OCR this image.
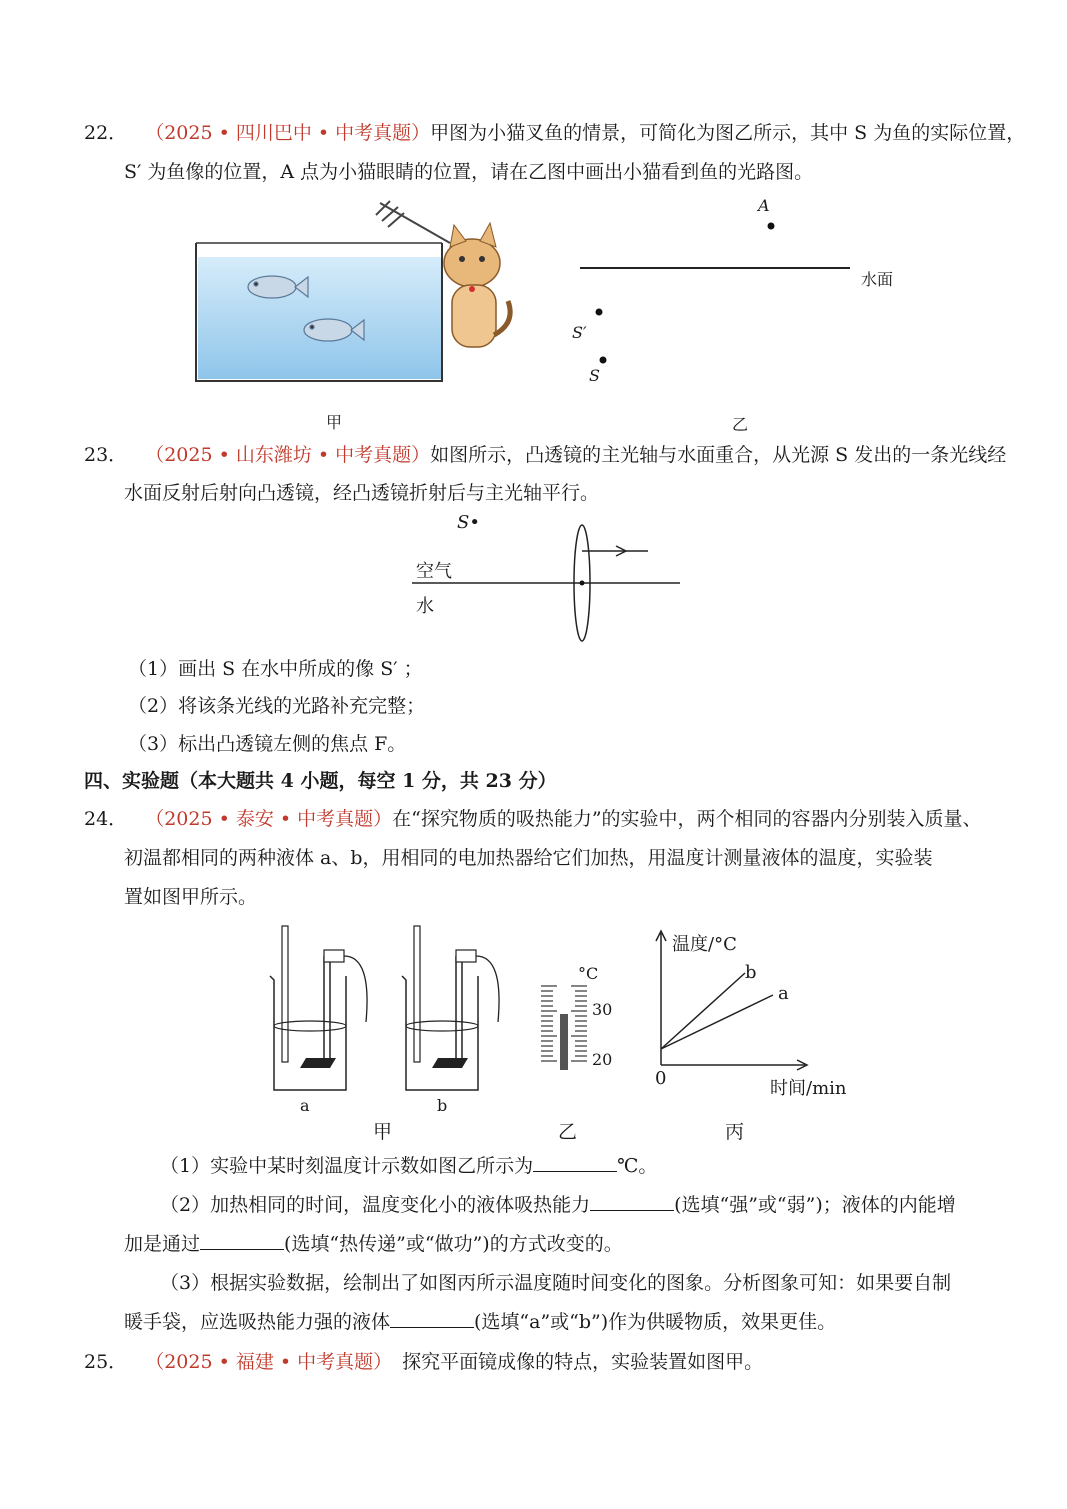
22． （2025 • 四川巴中 • 中考真题）甲图为小猫叉鱼的情景，可简化为图乙所示，其中 S 为鱼的实际位置，
S′ 为鱼像的位置，A 点为小猫眼睛的位置，请在乙图中画出小猫看到鱼的光路图。
甲
A
水面
S′
S
乙
23． （2025 • 山东潍坊 • 中考真题）如图所示，凸透镜的主光轴与水面重合，从光源 S 发出的一条光线经
水面反射后射向凸透镜，经凸透镜折射后与主光轴平行。
S•
空气
水
（1）画出 S 在水中所成的像 S′ ；
（2）将该条光线的光路补充完整；
（3）标出凸透镜左侧的焦点 F。
四、实验题（本大题共 4 小题，每空 1 分，共 23 分）
24． （2025 • 泰安 • 中考真题）在“探究物质的吸热能力”的实验中，两个相同的容器内分别装入质量、
初温都相同的两种液体 a、b，用相同的电加热器给它们加热，用温度计测量液体的温度，实验装
置如图甲所示。
a	b
°C
30
20
温度/°C
b
a
0	时间/min
甲	乙	丙
（1）实验中某时刻温度计示数如图乙所示为	℃。
（2）加热相同的时间，温度变化小的液体吸热能力	(选填“强”或“弱”)；液体的内能增
加是通过	(选填“热传递”或“做功”)的方式改变的。
（3）根据实验数据，绘制出了如图丙所示温度随时间变化的图象。分析图象可知：如果要自制
暖手袋，应选吸热能力强的液体	(选填“a”或“b”)作为供暖物质，效果更佳。
25． （2025 • 福建 • 中考真题） 探究平面镜成像的特点，实验装置如图甲。
